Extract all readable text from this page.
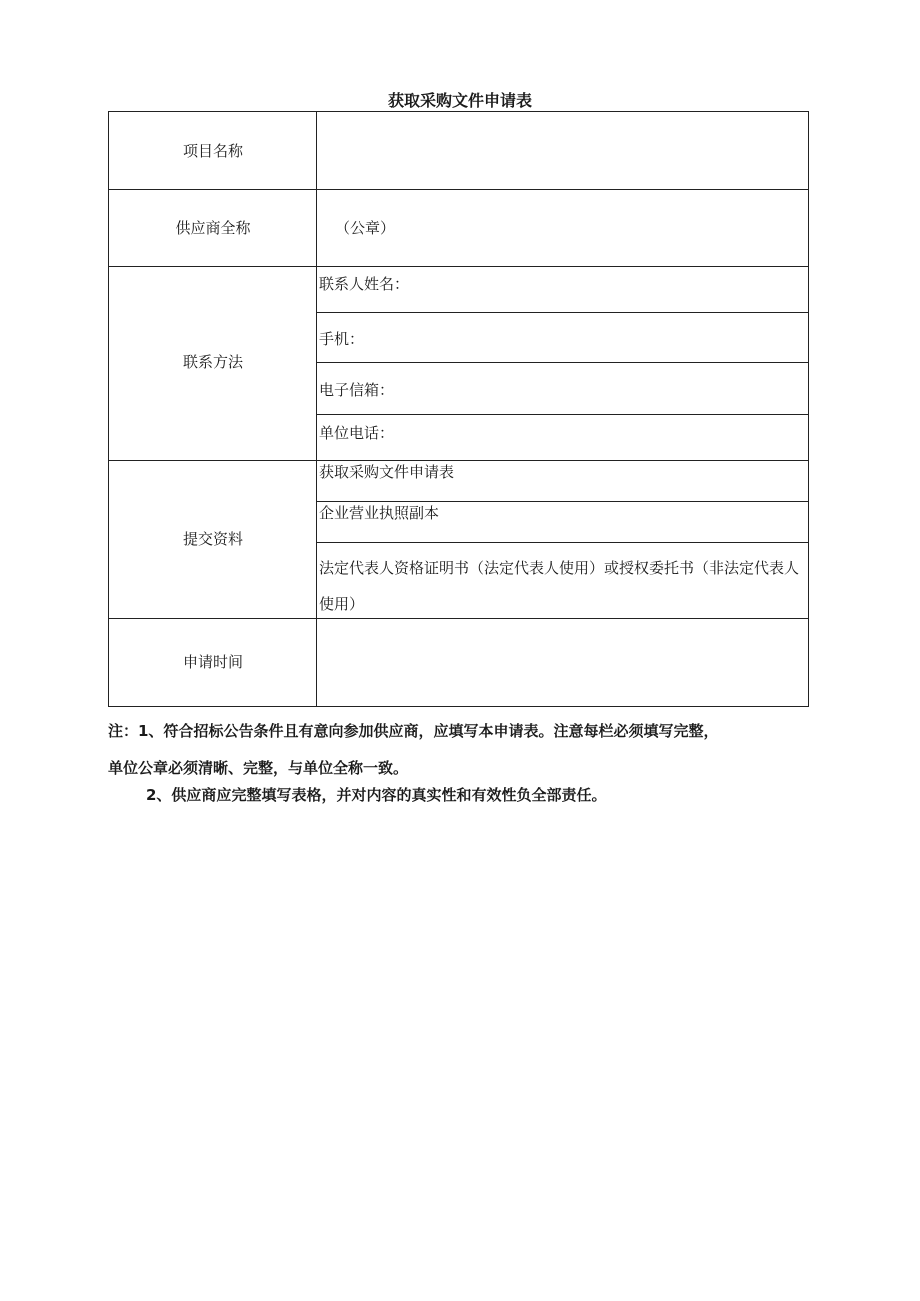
获取采购文件申请表
项目名称
供应商全称	（公章）
联系方法
联系人姓名：
手机：
电子信箱：
单位电话：
提交资料
获取采购文件申请表
企业营业执照副本
法定代表人资格证明书（法定代表人使用）或授权委托书（非法定代表人使用）
申请时间
注：1、符合招标公告条件且有意向参加供应商，应填写本申请表。注意每栏必须填写完整，
单位公章必须清晰、完整，与单位全称一致。
2、供应商应完整填写表格，并对内容的真实性和有效性负全部责任。
